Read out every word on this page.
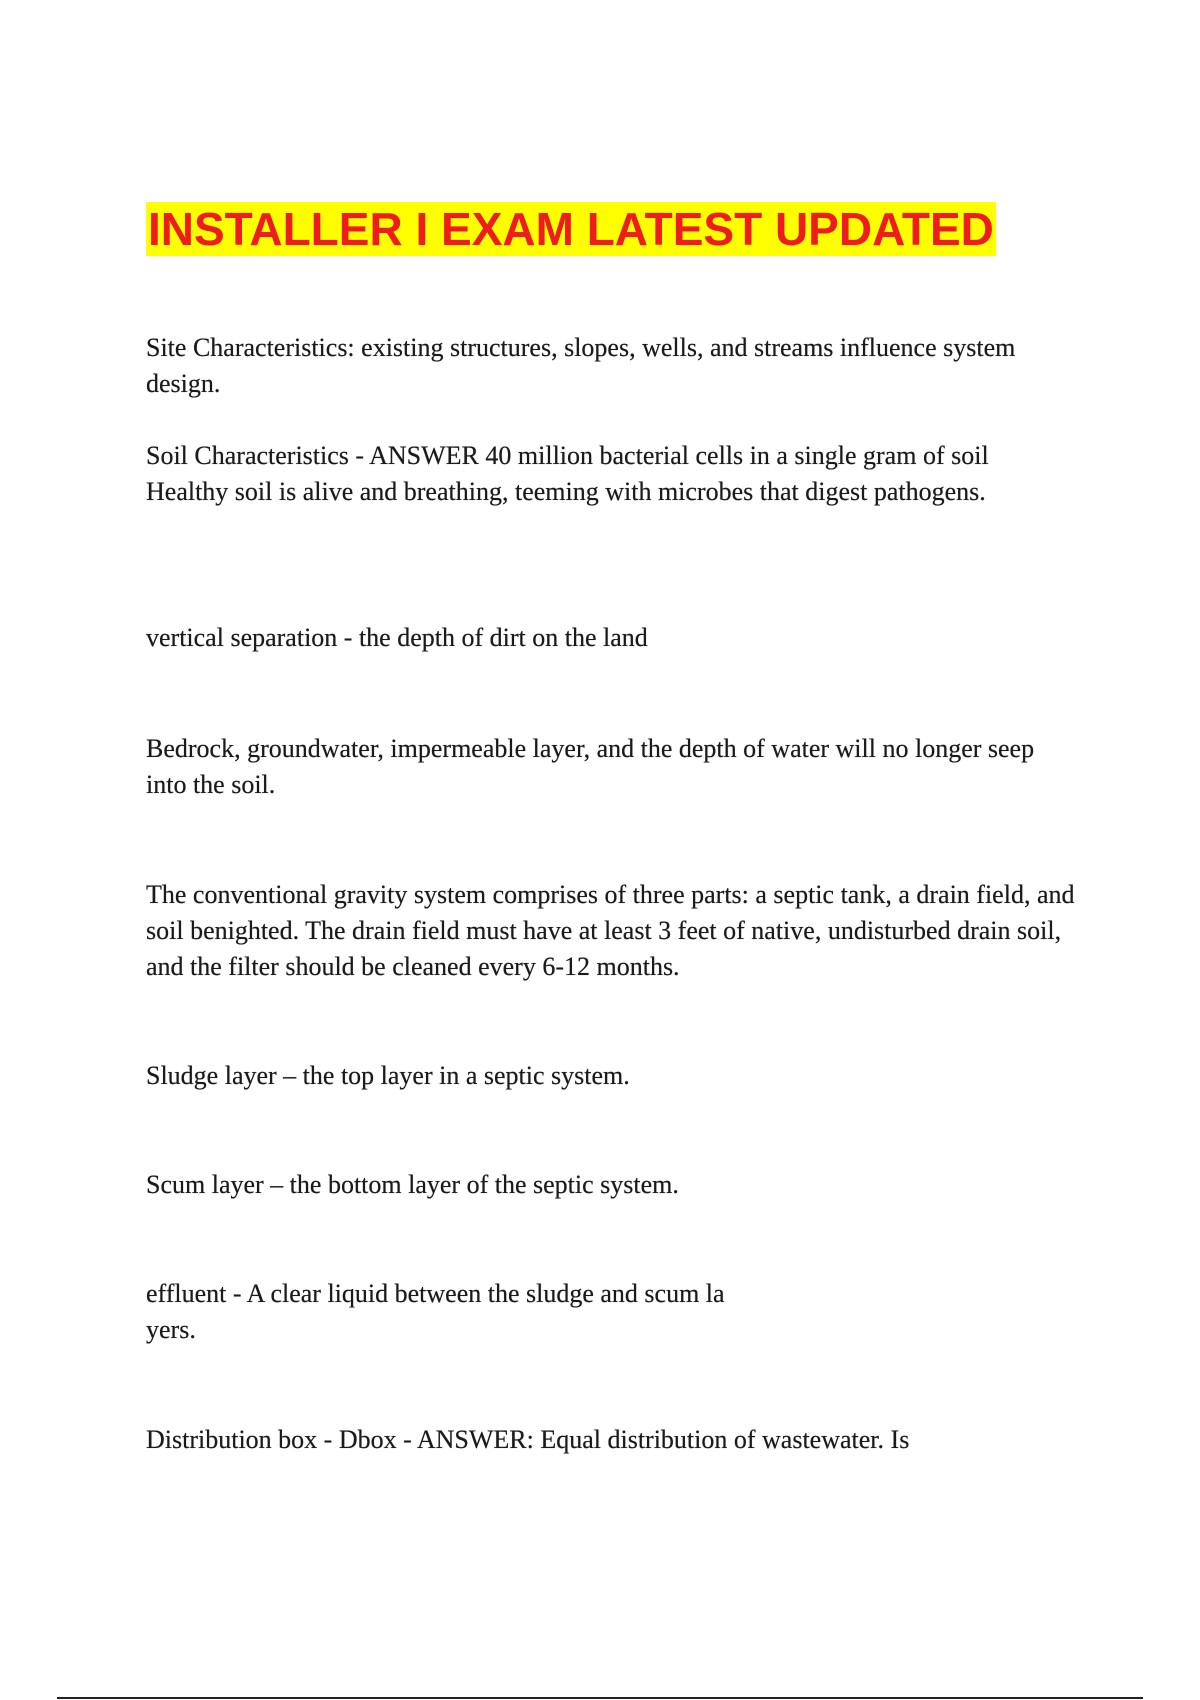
INSTALLER I EXAM LATEST UPDATED

Site Characteristics: existing structures, slopes, wells, and streams influence system design.

Soil Characteristics - ANSWER 40 million bacterial cells in a single gram of soil Healthy soil is alive and breathing, teeming with microbes that digest pathogens.

vertical separation - the depth of dirt on the land

Bedrock, groundwater, impermeable layer, and the depth of water will no longer seep into the soil.

The conventional gravity system comprises of three parts: a septic tank, a drain field, and soil benighted. The drain field must have at least 3 feet of native, undisturbed drain soil, and the filter should be cleaned every 6-12 months.

Sludge layer – the top layer in a septic system.

Scum layer – the bottom layer of the septic system.

effluent - A clear liquid between the sludge and scum la
yers.

Distribution box - Dbox - ANSWER: Equal distribution of wastewater. Is
